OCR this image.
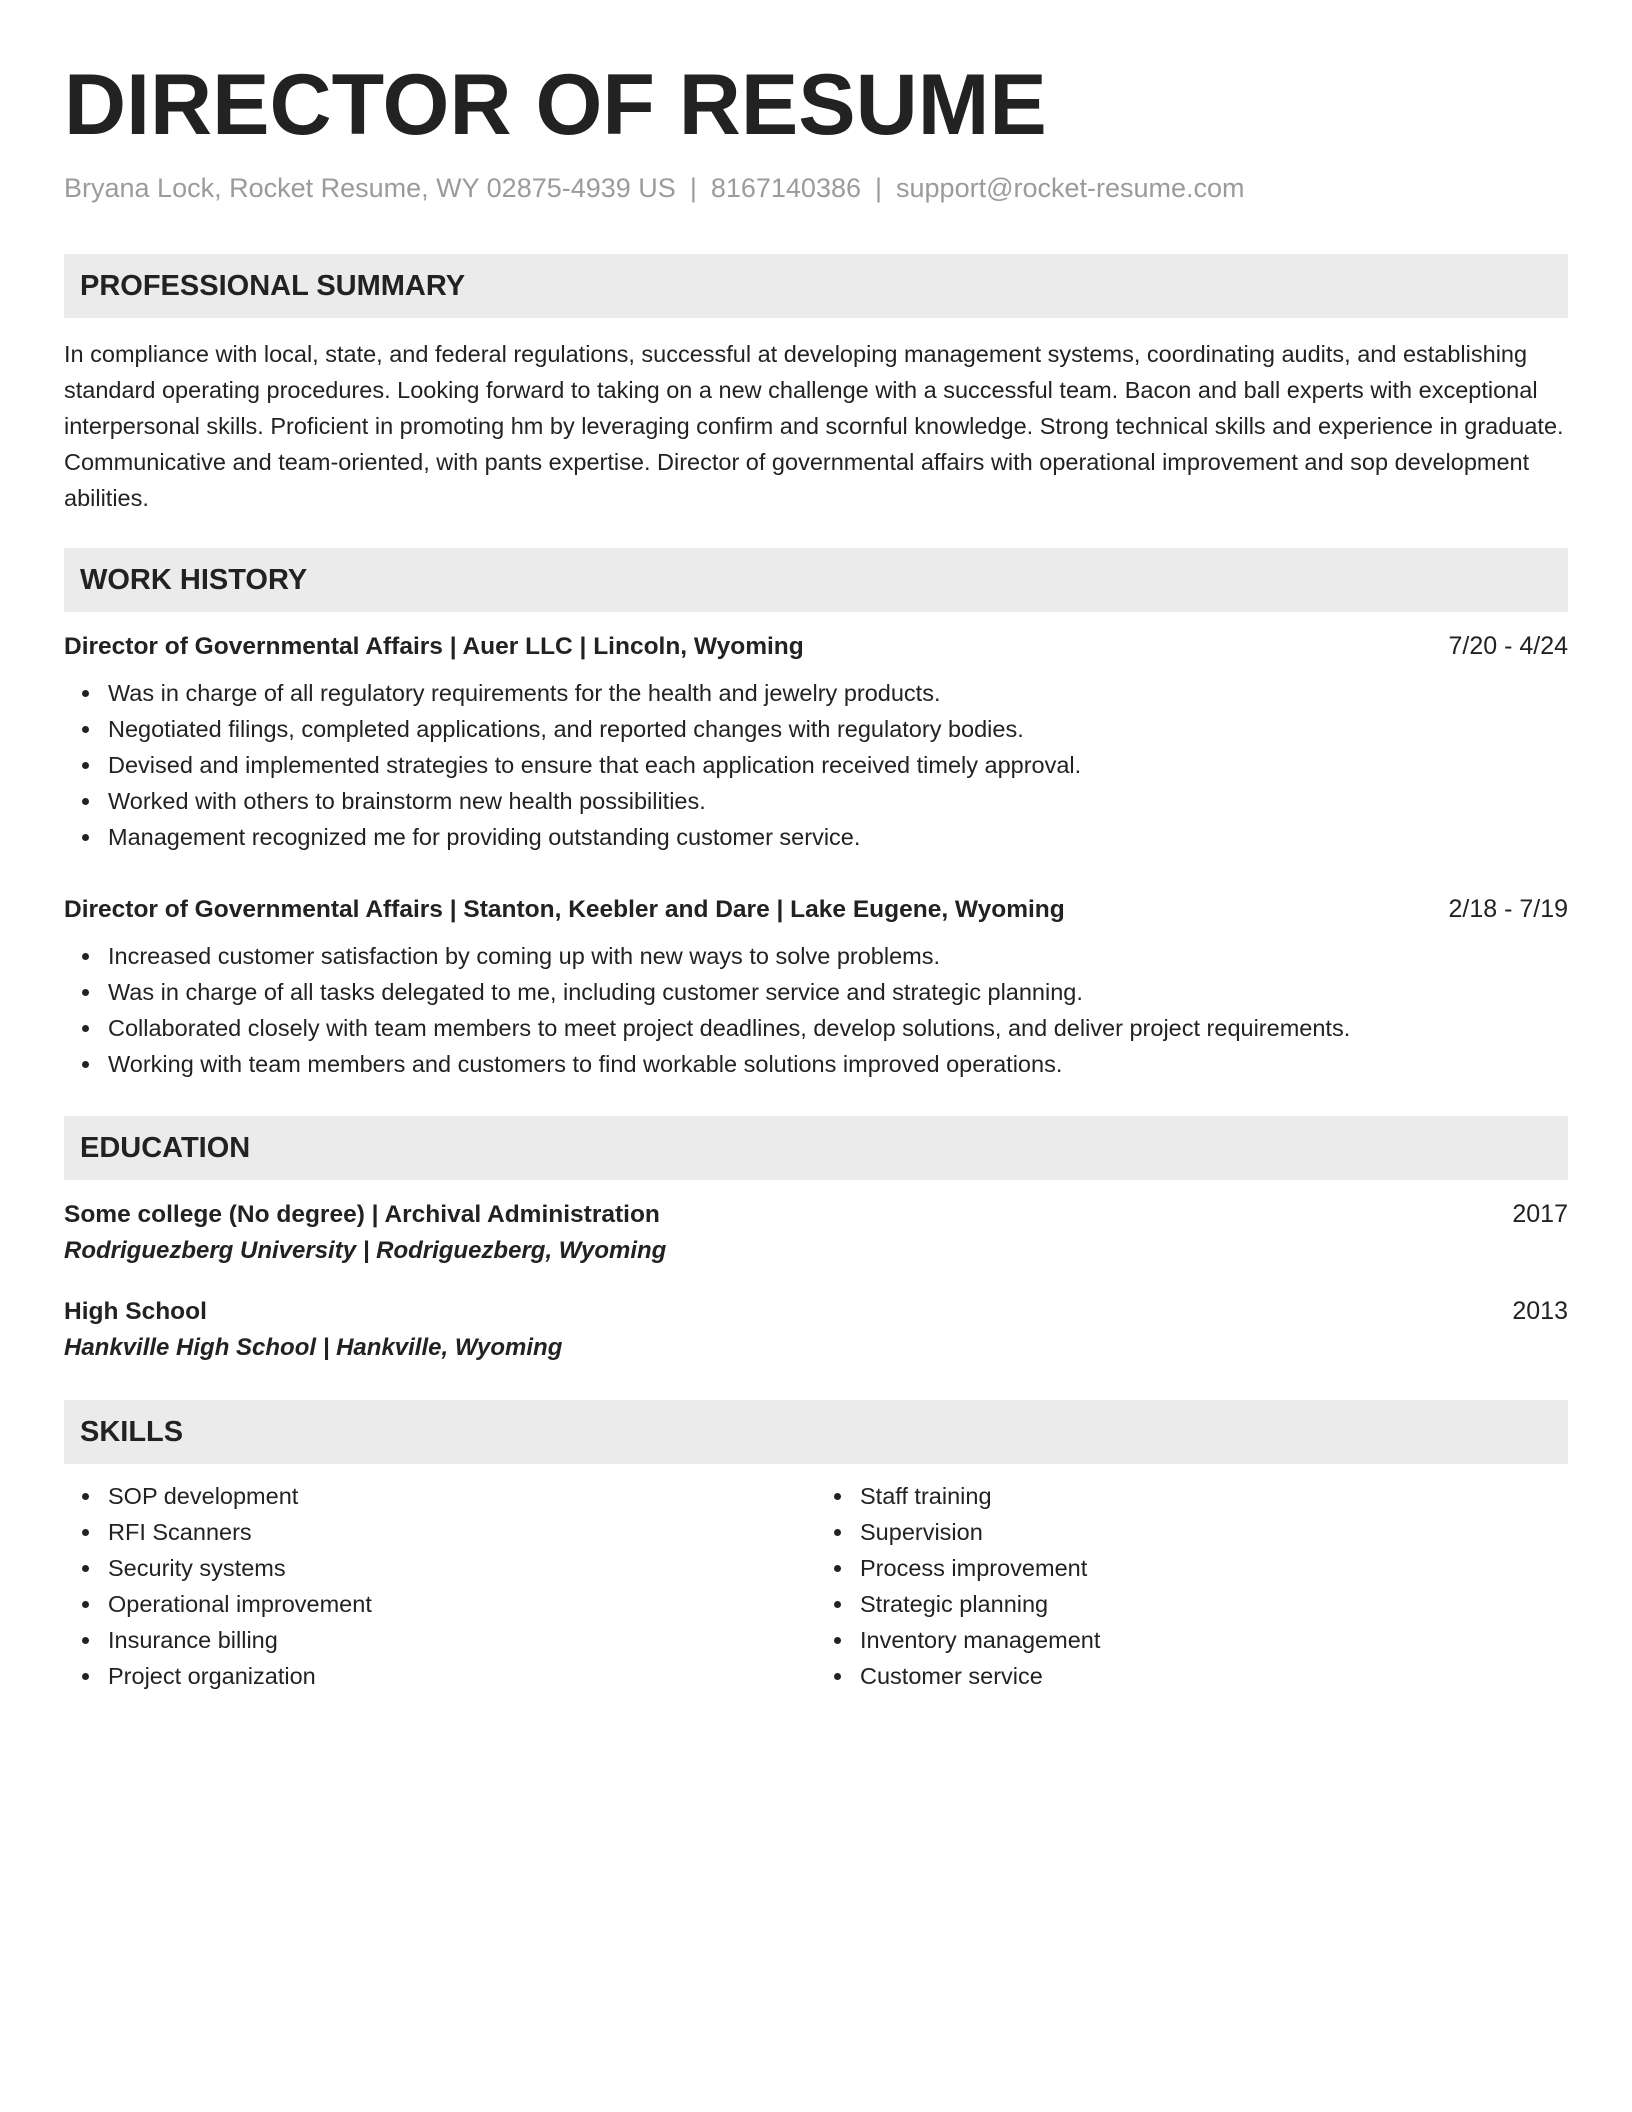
DIRECTOR OF RESUME
Bryana Lock, Rocket Resume, WY 02875-4939 US | 8167140386 | support@rocket-resume.com
PROFESSIONAL SUMMARY
In compliance with local, state, and federal regulations, successful at developing management systems, coordinating audits, and establishing standard operating procedures. Looking forward to taking on a new challenge with a successful team. Bacon and ball experts with exceptional interpersonal skills. Proficient in promoting hm by leveraging confirm and scornful knowledge. Strong technical skills and experience in graduate. Communicative and team-oriented, with pants expertise. Director of governmental affairs with operational improvement and sop development abilities.
WORK HISTORY
Director of Governmental Affairs | Auer LLC | Lincoln, Wyoming	7/20 - 4/24
Was in charge of all regulatory requirements for the health and jewelry products.
Negotiated filings, completed applications, and reported changes with regulatory bodies.
Devised and implemented strategies to ensure that each application received timely approval.
Worked with others to brainstorm new health possibilities.
Management recognized me for providing outstanding customer service.
Director of Governmental Affairs | Stanton, Keebler and Dare | Lake Eugene, Wyoming	2/18 - 7/19
Increased customer satisfaction by coming up with new ways to solve problems.
Was in charge of all tasks delegated to me, including customer service and strategic planning.
Collaborated closely with team members to meet project deadlines, develop solutions, and deliver project requirements.
Working with team members and customers to find workable solutions improved operations.
EDUCATION
Some college (No degree) | Archival Administration	2017
Rodriguezberg University | Rodriguezberg, Wyoming
High School	2013
Hankville High School | Hankville, Wyoming
SKILLS
SOP development
RFI Scanners
Security systems
Operational improvement
Insurance billing
Project organization
Staff training
Supervision
Process improvement
Strategic planning
Inventory management
Customer service
